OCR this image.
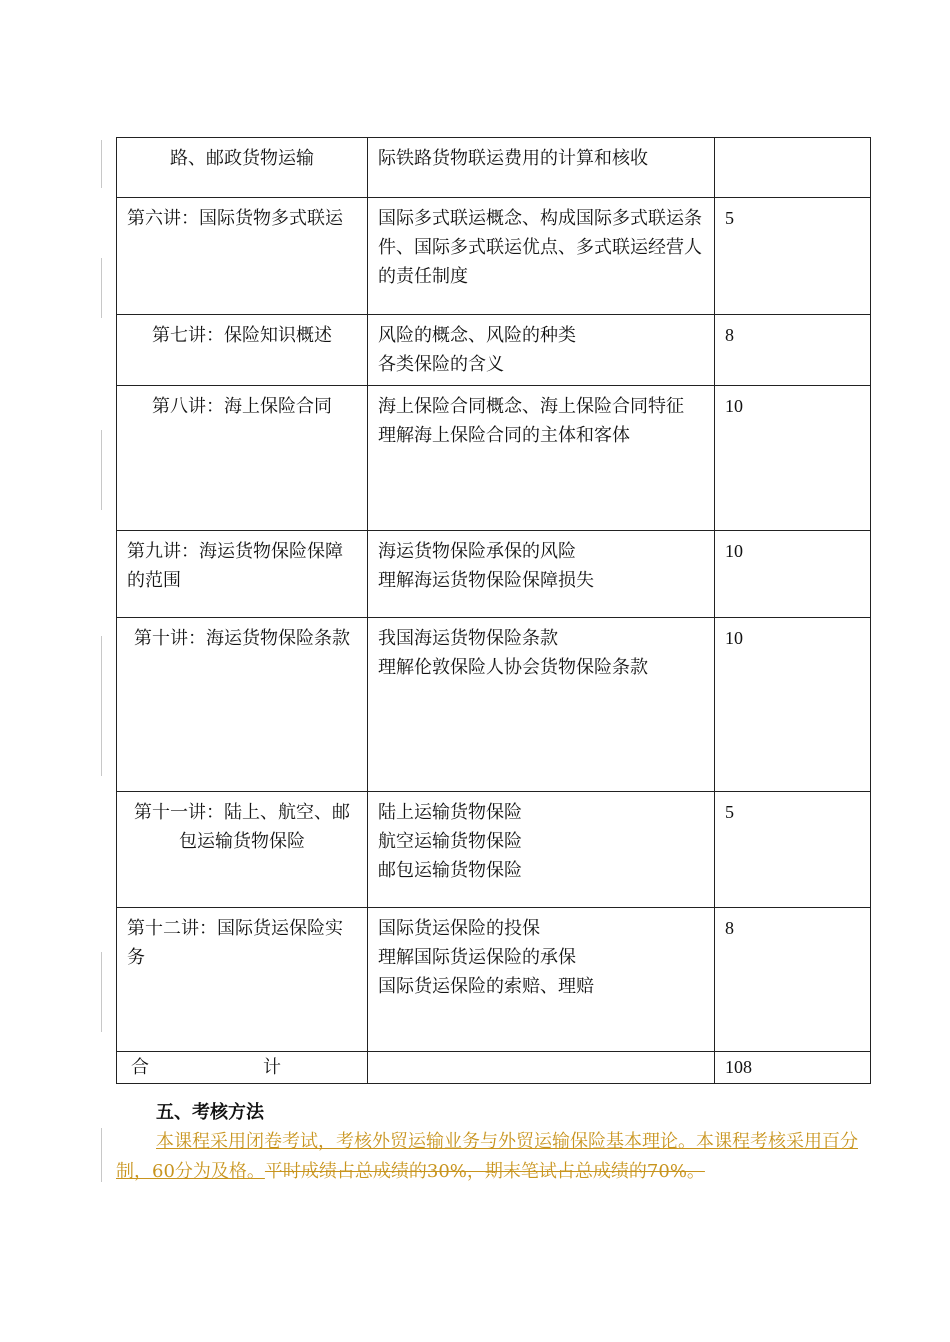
路、邮政货物运输	际铁路货物联运费用的计算和核收	

第六讲：国际货物多式联运	国际多式联运概念、构成国际多式联运条件、国际多式联运优点、多式联运经营人的责任制度	5

第七讲：保险知识概述	风险的概念、风险的种类
各类保险的含义	8

第八讲：海上保险合同	海上保险合同概念、海上保险合同特征
理解海上保险合同的主体和客体	10

第九讲：海运货物保险保障的范围	海运货物保险承保的风险
理解海运货物保险保障损失	10

第十讲：海运货物保险条款	我国海运货物保险条款
理解伦敦保险人协会货物保险条款	10

第十一讲：陆上、航空、邮包运输货物保险	陆上运输货物保险
航空运输货物保险
邮包运输货物保险	5

第十二讲：国际货运保险实务	国际货运保险的投保
理解国际货运保险的承保
国际货运保险的索赔、理赔	8

合 计		108
五、考核方法
本课程采用闭卷考试，考核外贸运输业务与外贸运输保险基本理论。本课程考核采用百分制，60分为及格。平时成绩占总成绩的30%，期末笔试占总成绩的70%。
